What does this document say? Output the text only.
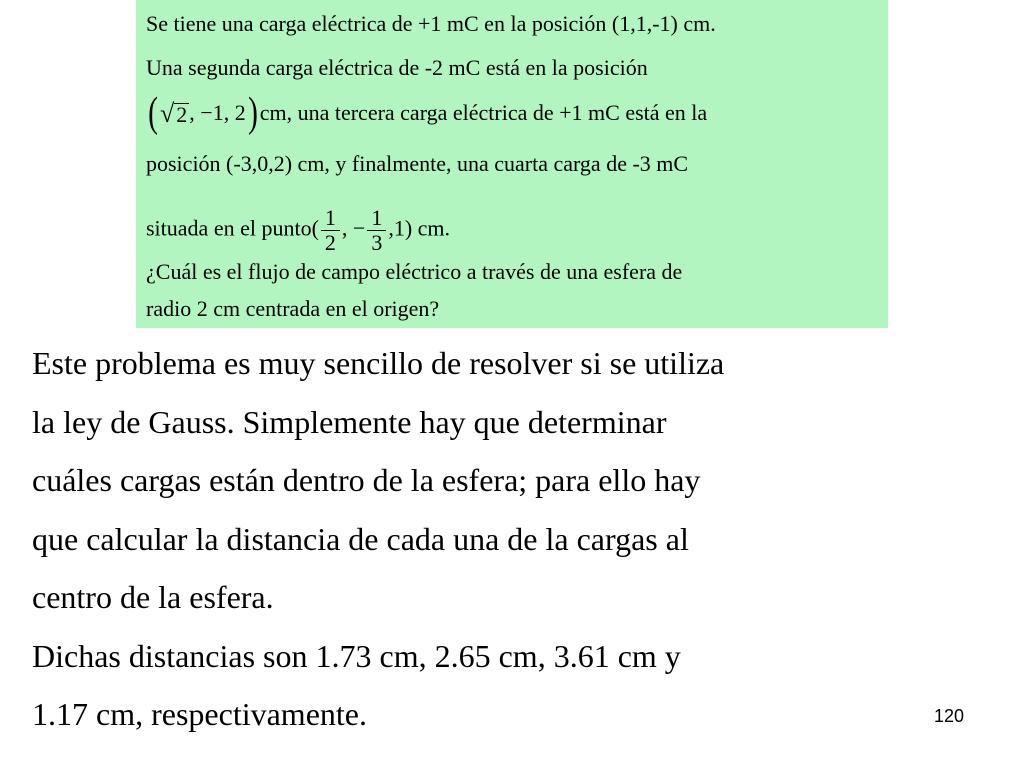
Se tiene una carga eléctrica de +1 mC en la posición (1,1,-1) cm.
Una segunda carga eléctrica de -2 mC está en la posición
(√2, −1, 2)cm, una tercera carga eléctrica de +1 mC está en la
posición (-3,0,2) cm, y finalmente, una cuarta carga de -3 mC
situada en el punto( $\frac{1}{2}$ , − $\frac{1}{3} ,1$) cm.
¿Cuál es el flujo de campo eléctrico a través de una esfera de
radio 2 cm centrada en el origen?
Este problema es muy sencillo de resolver si se utiliza
la ley de Gauss. Simplemente hay que determinar
cuáles cargas están dentro de la esfera; para ello hay
que calcular la distancia de cada una de la cargas al
centro de la esfera.
Dichas distancias son 1.73 cm, 2.65 cm, 3.61 cm y
1.17 cm, respectivamente.	120
